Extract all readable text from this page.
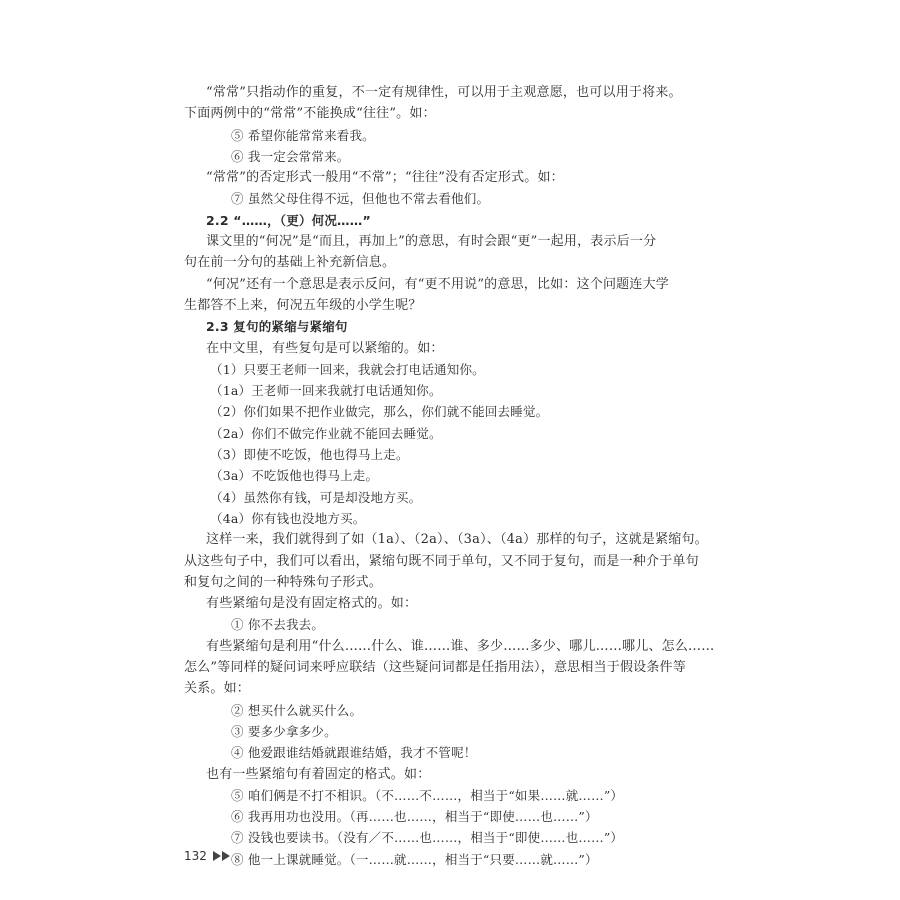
“常常”只指动作的重复，不一定有规律性，可以用于主观意愿，也可以用于将来。
下面两例中的“常常”不能换成“往往”。如：
⑤ 希望你能常常来看我。
⑥ 我一定会常常来。
“常常”的否定形式一般用“不常”；“往往”没有否定形式。如：
⑦ 虽然父母住得不远，但他也不常去看他们。
2.2 “……，（更）何况……”
课文里的“何况”是“而且，再加上”的意思，有时会跟“更”一起用，表示后一分
句在前一分句的基础上补充新信息。
“何况”还有一个意思是表示反问，有“更不用说”的意思，比如：这个问题连大学
生都答不上来，何况五年级的小学生呢？
2.3 复句的紧缩与紧缩句
在中文里，有些复句是可以紧缩的。如：
（1）只要王老师一回来，我就会打电话通知你。
（1a）王老师一回来我就打电话通知你。
（2）你们如果不把作业做完，那么，你们就不能回去睡觉。
（2a）你们不做完作业就不能回去睡觉。
（3）即使不吃饭，他也得马上走。
（3a）不吃饭他也得马上走。
（4）虽然你有钱，可是却没地方买。
（4a）你有钱也没地方买。
这样一来，我们就得到了如（1a）、（2a）、（3a）、（4a）那样的句子，这就是紧缩句。
从这些句子中，我们可以看出，紧缩句既不同于单句，又不同于复句，而是一种介于单句
和复句之间的一种特殊句子形式。
有些紧缩句是没有固定格式的。如：
① 你不去我去。
有些紧缩句是利用“什么……什么、谁……谁、多少……多少、哪儿……哪儿、怎么……
怎么”等同样的疑问词来呼应联结（这些疑问词都是任指用法），意思相当于假设条件等
关系。如：
② 想买什么就买什么。
③ 要多少拿多少。
④ 他爱跟谁结婚就跟谁结婚，我才不管呢！
也有一些紧缩句有着固定的格式。如：
⑤ 咱们俩是不打不相识。（不……不……，相当于“如果……就……”）
⑥ 我再用功也没用。（再……也……，相当于“即使……也……”）
⑦ 没钱也要读书。（没有／不……也……，相当于“即使……也……”）
⑧ 他一上课就睡觉。（一……就……，相当于“只要……就……”）
132
